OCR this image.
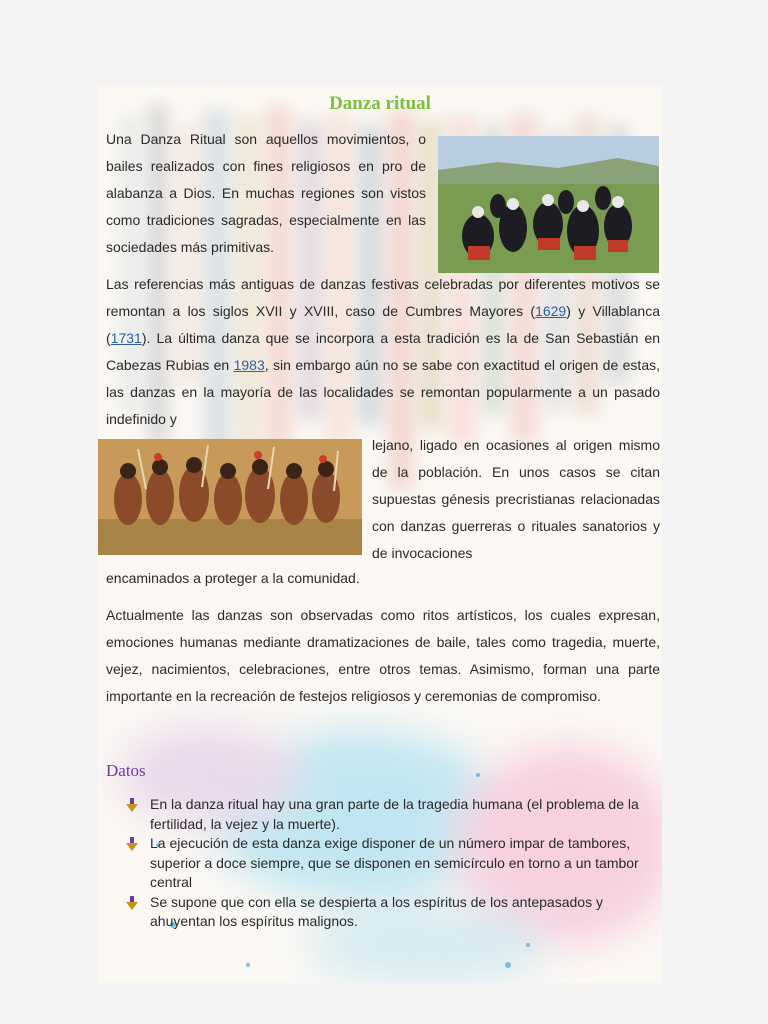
Danza ritual

Una Danza Ritual son aquellos movimientos, o bailes realizados con fines religiosos en pro de alabanza a Dios. En muchas regiones son vistos como tradiciones sagradas, especialmente en las sociedades más primitivas.

Las referencias más antiguas de danzas festivas celebradas por diferentes motivos se remontan a los siglos XVII y XVIII, caso de Cumbres Mayores (1629) y Villablanca (1731). La última danza que se incorpora a esta tradición es la de San Sebastián en Cabezas Rubias en 1983, sin embargo aún no se sabe con exactitud el origen de estas, las danzas en la mayoría de las localidades se remontan popularmente a un pasado indefinido y

lejano, ligado en ocasiones al origen mismo de la población. En unos casos se citan supuestas génesis precristianas relacionadas con danzas guerreras o rituales sanatorios y de invocaciones

encaminados a proteger a la comunidad.

Actualmente las danzas son observadas como ritos artísticos, los cuales expresan, emociones humanas mediante dramatizaciones de baile, tales como tragedia, muerte, vejez, nacimientos, celebraciones, entre otros temas. Asimismo, forman una parte importante en la recreación de festejos religiosos y ceremonias de compromiso.

Datos
En la danza ritual hay una gran parte de la tragedia humana (el problema de la fertilidad, la vejez y la muerte).
La ejecución de esta danza exige disponer de un número impar de tambores, superior a doce siempre, que se disponen en semicírculo en torno a un tambor central
Se supone que con ella se despierta a los espíritus de los antepasados y ahuyentan los espíritus malignos.
